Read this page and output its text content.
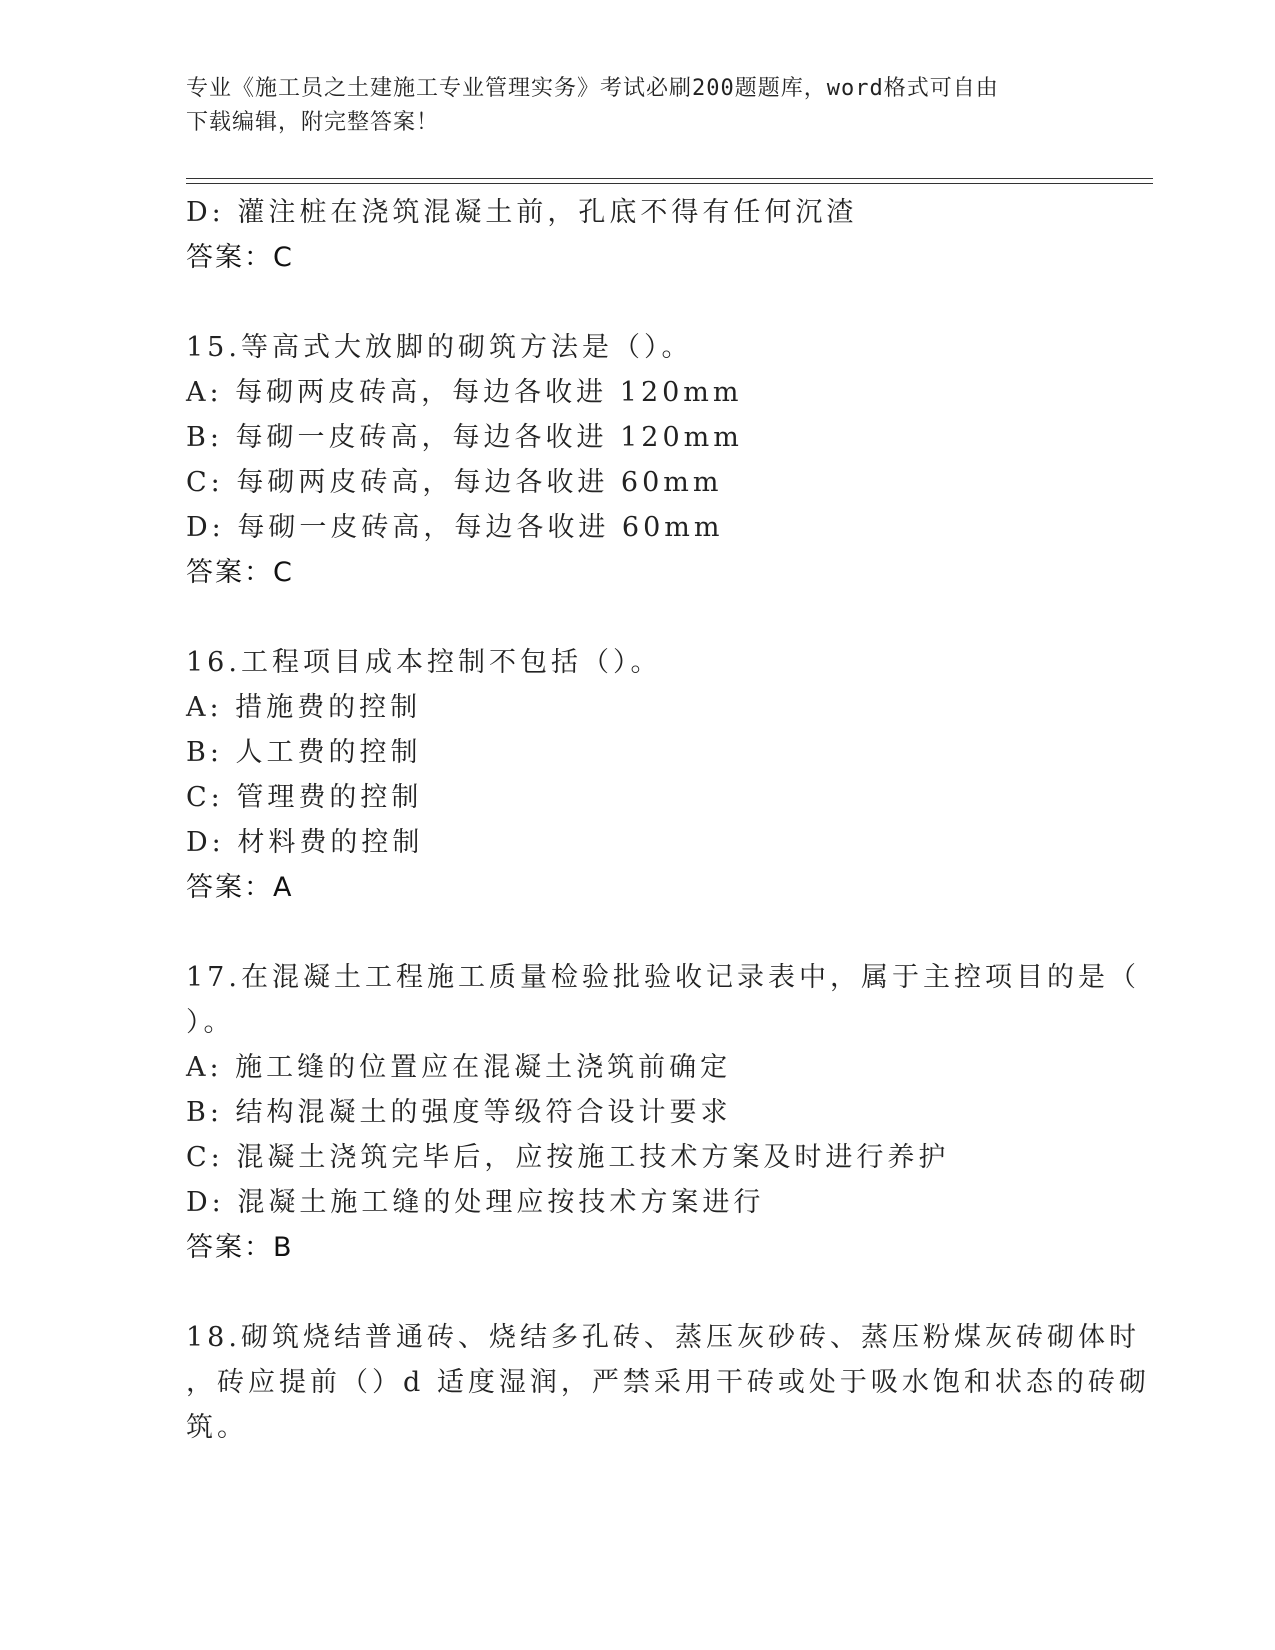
专业《施工员之土建施工专业管理实务》考试必刷200题题库，word格式可自由
下载编辑，附完整答案！
D: 灌注桩在浇筑混凝土前，孔底不得有任何沉渣
答案：C
15.等高式大放脚的砌筑方法是（）。
A: 每砌两皮砖高，每边各收进 120mm
B: 每砌一皮砖高，每边各收进 120mm
C: 每砌两皮砖高，每边各收进 60mm
D: 每砌一皮砖高，每边各收进 60mm
答案：C
16.工程项目成本控制不包括（）。
A: 措施费的控制
B: 人工费的控制
C: 管理费的控制
D: 材料费的控制
答案：A
17.在混凝土工程施工质量检验批验收记录表中，属于主控项目的是（
）。
A: 施工缝的位置应在混凝土浇筑前确定
B: 结构混凝土的强度等级符合设计要求
C: 混凝土浇筑完毕后，应按施工技术方案及时进行养护
D: 混凝土施工缝的处理应按技术方案进行
答案：B
18.砌筑烧结普通砖、烧结多孔砖、蒸压灰砂砖、蒸压粉煤灰砖砌体时
，砖应提前（）d 适度湿润，严禁采用干砖或处于吸水饱和状态的砖砌
筑。
